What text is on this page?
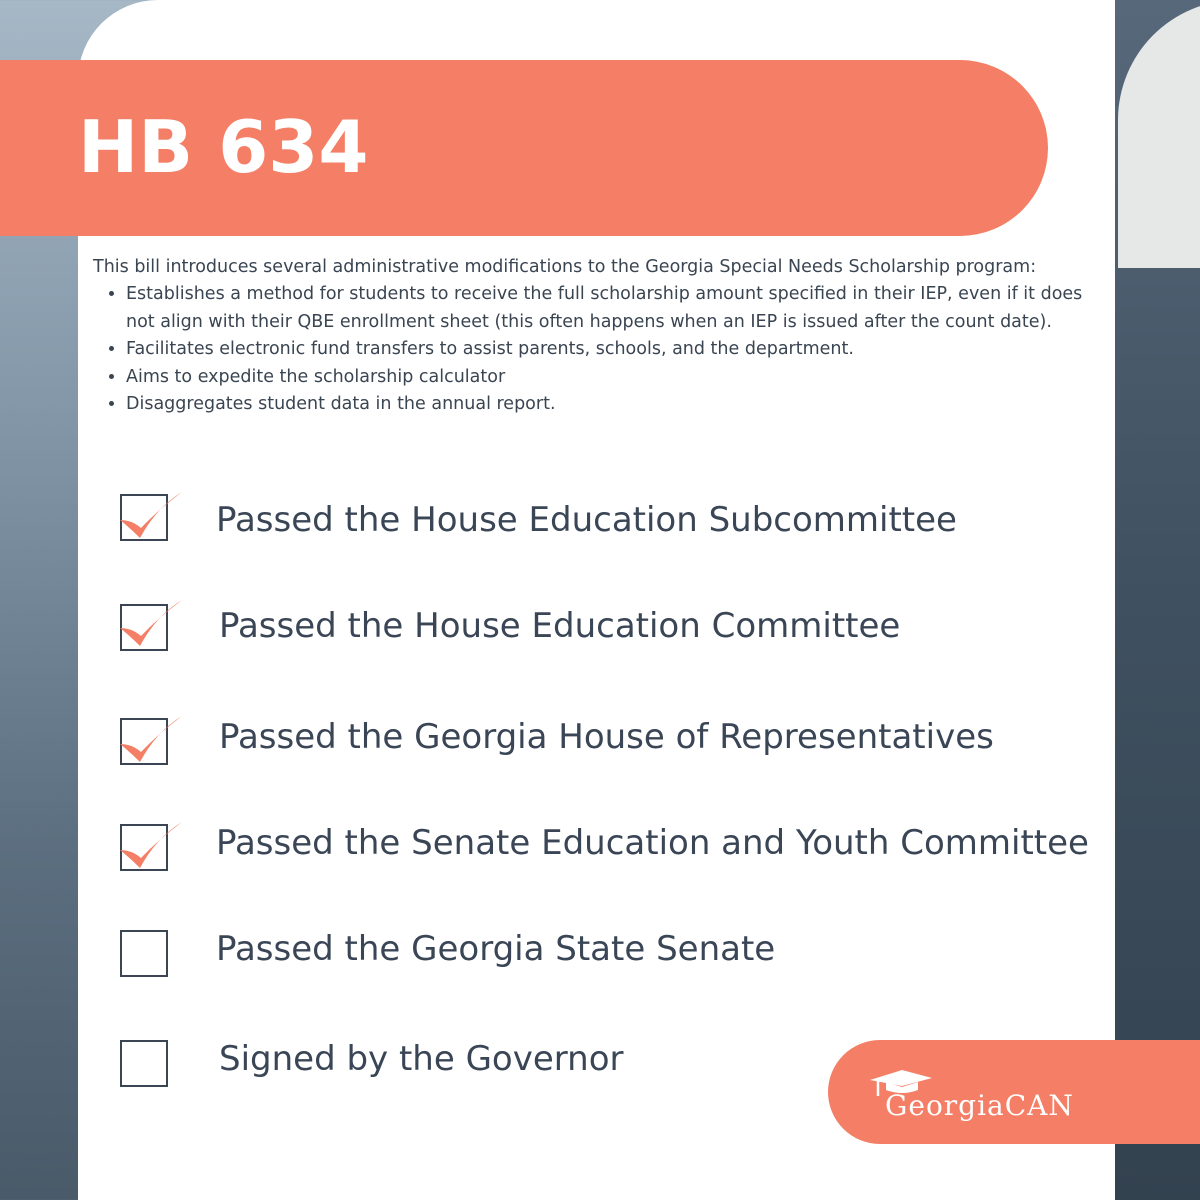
HB 634
This bill introduces several administrative modifications to the Georgia Special Needs Scholarship program:
• Establishes a method for students to receive the full scholarship amount specified in their IEP, even if it does not align with their QBE enrollment sheet (this often happens when an IEP is issued after the count date).
• Facilitates electronic fund transfers to assist parents, schools, and the department.
• Aims to expedite the scholarship calculator
• Disaggregates student data in the annual report.
Passed the House Education Subcommittee
Passed the House Education Committee
Passed the Georgia House of Representatives
Passed the Senate Education and Youth Committee
Passed the Georgia State Senate
Signed by the Governor
GeorgiaCAN
